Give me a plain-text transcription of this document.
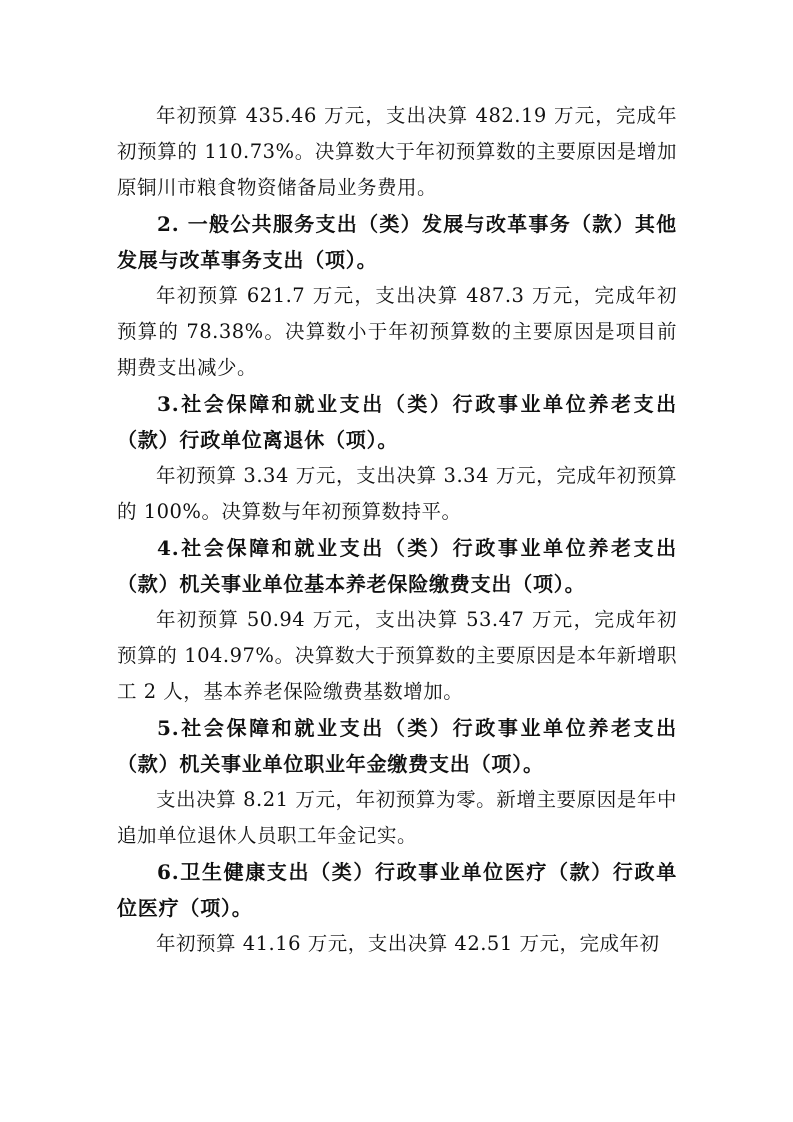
年初预算 435.46 万元，支出决算 482.19 万元，完成年初预算的 110.73%。决算数大于年初预算数的主要原因是增加原铜川市粮食物资储备局业务费用。

2. 一般公共服务支出（类）发展与改革事务（款）其他发展与改革事务支出（项）。

年初预算 621.7 万元，支出决算 487.3 万元，完成年初预算的 78.38%。决算数小于年初预算数的主要原因是项目前期费支出减少。

3.社会保障和就业支出（类）行政事业单位养老支出（款）行政单位离退休（项）。

年初预算 3.34 万元，支出决算 3.34 万元，完成年初预算的 100%。决算数与年初预算数持平。

4.社会保障和就业支出（类）行政事业单位养老支出（款）机关事业单位基本养老保险缴费支出（项）。

年初预算 50.94 万元，支出决算 53.47 万元，完成年初预算的 104.97%。决算数大于预算数的主要原因是本年新增职工 2 人，基本养老保险缴费基数增加。

5.社会保障和就业支出（类）行政事业单位养老支出（款）机关事业单位职业年金缴费支出（项）。

支出决算 8.21 万元，年初预算为零。新增主要原因是年中追加单位退休人员职工年金记实。

6.卫生健康支出（类）行政事业单位医疗（款）行政单位医疗（项）。

年初预算 41.16 万元，支出决算 42.51 万元，完成年初
